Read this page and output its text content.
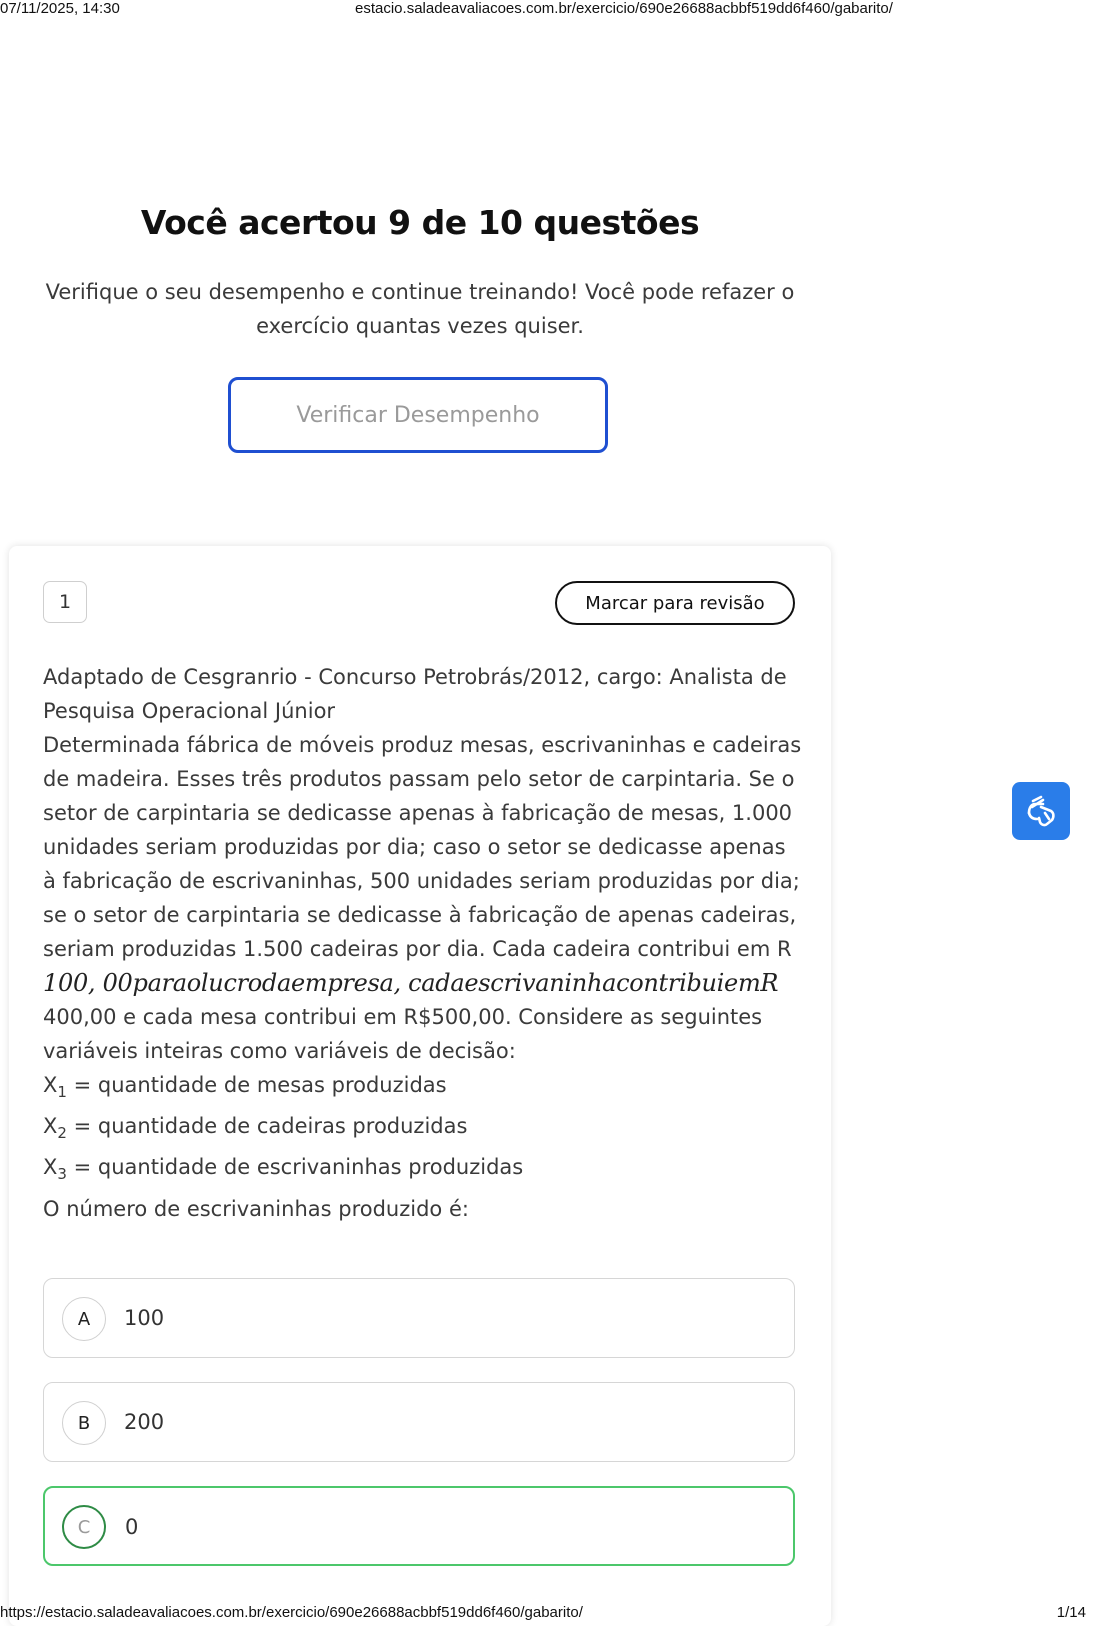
07/11/2025, 14:30	estacio.saladeavaliacoes.com.br/exercicio/690e26688acbbf519dd6f460/gabarito/
Você acertou 9 de 10 questões
Verifique o seu desempenho e continue treinando! Você pode refazer o exercício quantas vezes quiser.
Verificar Desempenho
1	Marcar para revisão

Adaptado de Cesgranrio - Concurso Petrobrás/2012, cargo: Analista de Pesquisa Operacional Júnior

Determinada fábrica de móveis produz mesas, escrivaninhas e cadeiras de madeira. Esses três produtos passam pelo setor de carpintaria. Se o setor de carpintaria se dedicasse apenas à fabricação de mesas, 1.000 unidades seriam produzidas por dia; caso o setor se dedicasse apenas à fabricação de escrivaninhas, 500 unidades seriam produzidas por dia; se o setor de carpintaria se dedicasse à fabricação de apenas cadeiras, seriam produzidas 1.500 cadeiras por dia. Cada cadeira contribui em R

100, 00paraolucrodaempresa, cadaescrivaninhacontribuiemR

400,00 e cada mesa contribui em R$500,00. Considere as seguintes variáveis inteiras como variáveis de decisão:

$X_1$ = quantidade de mesas produzidas

$X_2$ = quantidade de cadeiras produzidas

$X_3$ = quantidade de escrivaninhas produzidas

O número de escrivaninhas produzido é:

A	100
B	200
C	0
https://estacio.saladeavaliacoes.com.br/exercicio/690e26688acbbf519dd6f460/gabarito/	1/14
